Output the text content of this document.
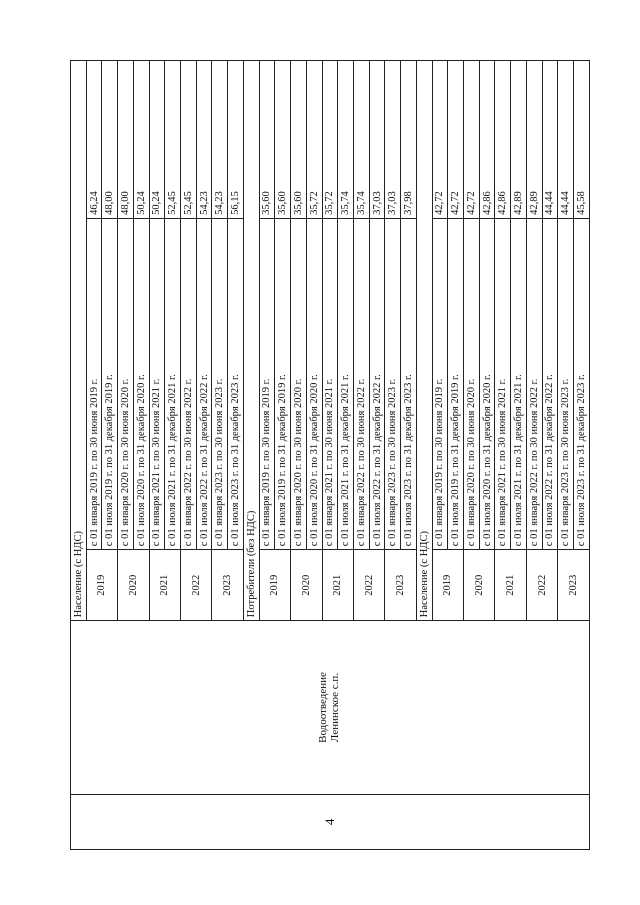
4	Водоотведение Ленинское с.п.	Население (с НДС)		
		2019	с 01 января 2019 г. по 30 июня 2019 г.	46,24
			с 01 июля 2019 г. по 31 декабря 2019 г.	48,00
		2020	с 01 января 2020 г. по 30 июня 2020 г.	48,00
			с 01 июля 2020 г. по 31 декабря 2020 г.	50,24
		2021	с 01 января 2021 г. по 30 июня 2021 г.	50,24
			с 01 июля 2021 г. по 31 декабря 2021 г.	52,45
		2022	с 01 января 2022 г. по 30 июня 2022 г.	52,45
			с 01 июля 2022 г. по 31 декабря 2022 г.	54,23
		2023	с 01 января 2023 г. по 30 июня 2023 г.	54,23
			с 01 июля 2023 г. по 31 декабря 2023 г.	56,15
		Потребители (без НДС)		
		2019	с 01 января 2019 г. по 30 июня 2019 г.	35,60
			с 01 июля 2019 г. по 31 декабря 2019 г.	35,60
		2020	с 01 января 2020 г. по 30 июня 2020 г.	35,60
			с 01 июля 2020 г. по 31 декабря 2020 г.	35,72
		2021	с 01 января 2021 г. по 30 июня 2021 г.	35,72
			с 01 июля 2021 г. по 31 декабря 2021 г.	35,74
		2022	с 01 января 2022 г. по 30 июня 2022 г.	35,74
			с 01 июля 2022 г. по 31 декабря 2022 г.	37,03
		2023	с 01 января 2023 г. по 30 июня 2023 г.	37,03
			с 01 июля 2023 г. по 31 декабря 2023 г.	37,98
		Население (с НДС)		
		2019	с 01 января 2019 г. по 30 июня 2019 г.	42,72
			с 01 июля 2019 г. по 31 декабря 2019 г.	42,72
		2020	с 01 января 2020 г. по 30 июня 2020 г.	42,72
			с 01 июля 2020 г. по 31 декабря 2020 г.	42,86
		2021	с 01 января 2021 г. по 30 июня 2021 г.	42,86
			с 01 июля 2021 г. по 31 декабря 2021 г.	42,89
		2022	с 01 января 2022 г. по 30 июня 2022 г.	42,89
			с 01 июля 2022 г. по 31 декабря 2022 г.	44,44
		2023	с 01 января 2023 г. по 30 июня 2023 г.	44,44
			с 01 июля 2023 г. по 31 декабря 2023 г.	45,58
